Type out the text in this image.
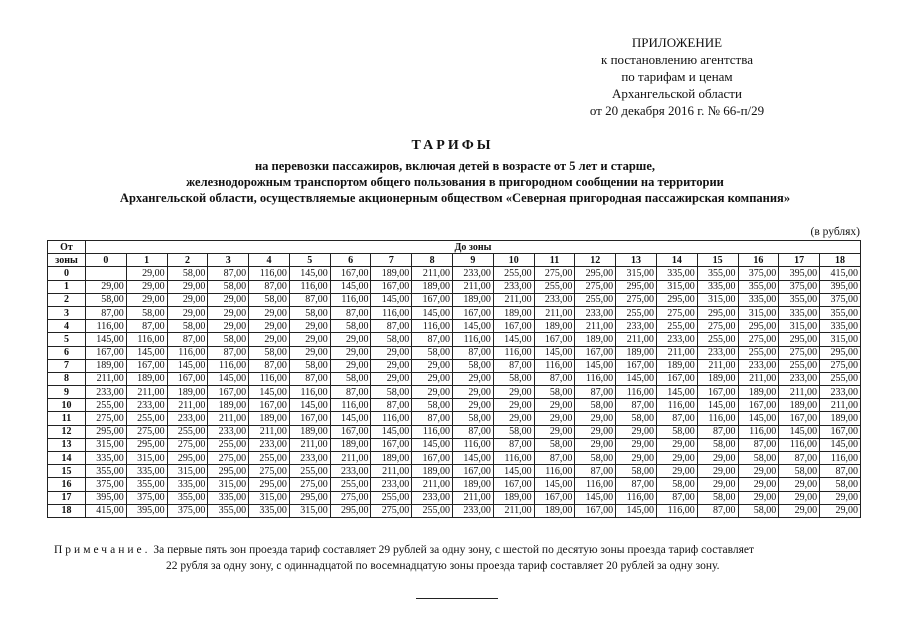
ПРИЛОЖЕНИЕ
к постановлению агентства
по тарифам и ценам
Архангельской области
от 20 декабря 2016 г. № 66-п/29
ТАРИФЫ
на перевозки пассажиров, включая детей в возрасте от 5 лет и старше,
железнодорожным транспортом общего пользования в пригородном сообщении на территории
Архангельской области, осуществляемые акционерным обществом «Северная пригородная пассажирская компания»
(в рублях)
От	До зоны																		
зоны	0	1	2	3	4	5	6	7	8	9	10	11	12	13	14	15	16	17	18
0		29,00	58,00	87,00	116,00	145,00	167,00	189,00	211,00	233,00	255,00	275,00	295,00	315,00	335,00	355,00	375,00	395,00	415,00
1	29,00	29,00	29,00	58,00	87,00	116,00	145,00	167,00	189,00	211,00	233,00	255,00	275,00	295,00	315,00	335,00	355,00	375,00	395,00
2	58,00	29,00	29,00	29,00	58,00	87,00	116,00	145,00	167,00	189,00	211,00	233,00	255,00	275,00	295,00	315,00	335,00	355,00	375,00
3	87,00	58,00	29,00	29,00	29,00	58,00	87,00	116,00	145,00	167,00	189,00	211,00	233,00	255,00	275,00	295,00	315,00	335,00	355,00
4	116,00	87,00	58,00	29,00	29,00	29,00	58,00	87,00	116,00	145,00	167,00	189,00	211,00	233,00	255,00	275,00	295,00	315,00	335,00
5	145,00	116,00	87,00	58,00	29,00	29,00	29,00	58,00	87,00	116,00	145,00	167,00	189,00	211,00	233,00	255,00	275,00	295,00	315,00
6	167,00	145,00	116,00	87,00	58,00	29,00	29,00	29,00	58,00	87,00	116,00	145,00	167,00	189,00	211,00	233,00	255,00	275,00	295,00
7	189,00	167,00	145,00	116,00	87,00	58,00	29,00	29,00	29,00	58,00	87,00	116,00	145,00	167,00	189,00	211,00	233,00	255,00	275,00
8	211,00	189,00	167,00	145,00	116,00	87,00	58,00	29,00	29,00	29,00	58,00	87,00	116,00	145,00	167,00	189,00	211,00	233,00	255,00
9	233,00	211,00	189,00	167,00	145,00	116,00	87,00	58,00	29,00	29,00	29,00	58,00	87,00	116,00	145,00	167,00	189,00	211,00	233,00
10	255,00	233,00	211,00	189,00	167,00	145,00	116,00	87,00	58,00	29,00	29,00	29,00	58,00	87,00	116,00	145,00	167,00	189,00	211,00
11	275,00	255,00	233,00	211,00	189,00	167,00	145,00	116,00	87,00	58,00	29,00	29,00	29,00	58,00	87,00	116,00	145,00	167,00	189,00
12	295,00	275,00	255,00	233,00	211,00	189,00	167,00	145,00	116,00	87,00	58,00	29,00	29,00	29,00	58,00	87,00	116,00	145,00	167,00
13	315,00	295,00	275,00	255,00	233,00	211,00	189,00	167,00	145,00	116,00	87,00	58,00	29,00	29,00	29,00	58,00	87,00	116,00	145,00
14	335,00	315,00	295,00	275,00	255,00	233,00	211,00	189,00	167,00	145,00	116,00	87,00	58,00	29,00	29,00	29,00	58,00	87,00	116,00
15	355,00	335,00	315,00	295,00	275,00	255,00	233,00	211,00	189,00	167,00	145,00	116,00	87,00	58,00	29,00	29,00	29,00	58,00	87,00
16	375,00	355,00	335,00	315,00	295,00	275,00	255,00	233,00	211,00	189,00	167,00	145,00	116,00	87,00	58,00	29,00	29,00	29,00	58,00
17	395,00	375,00	355,00	335,00	315,00	295,00	275,00	255,00	233,00	211,00	189,00	167,00	145,00	116,00	87,00	58,00	29,00	29,00	29,00
18	415,00	395,00	375,00	355,00	335,00	315,00	295,00	275,00	255,00	233,00	211,00	189,00	167,00	145,00	116,00	87,00	58,00	29,00	29,00
Примечание. За первые пять зон проезда тариф составляет 29 рублей за одну зону, с шестой по десятую зоны проезда тариф составляет
22 рубля за одну зону, с одиннадцатой по восемнадцатую зоны проезда тариф составляет 20 рублей за одну зону.
